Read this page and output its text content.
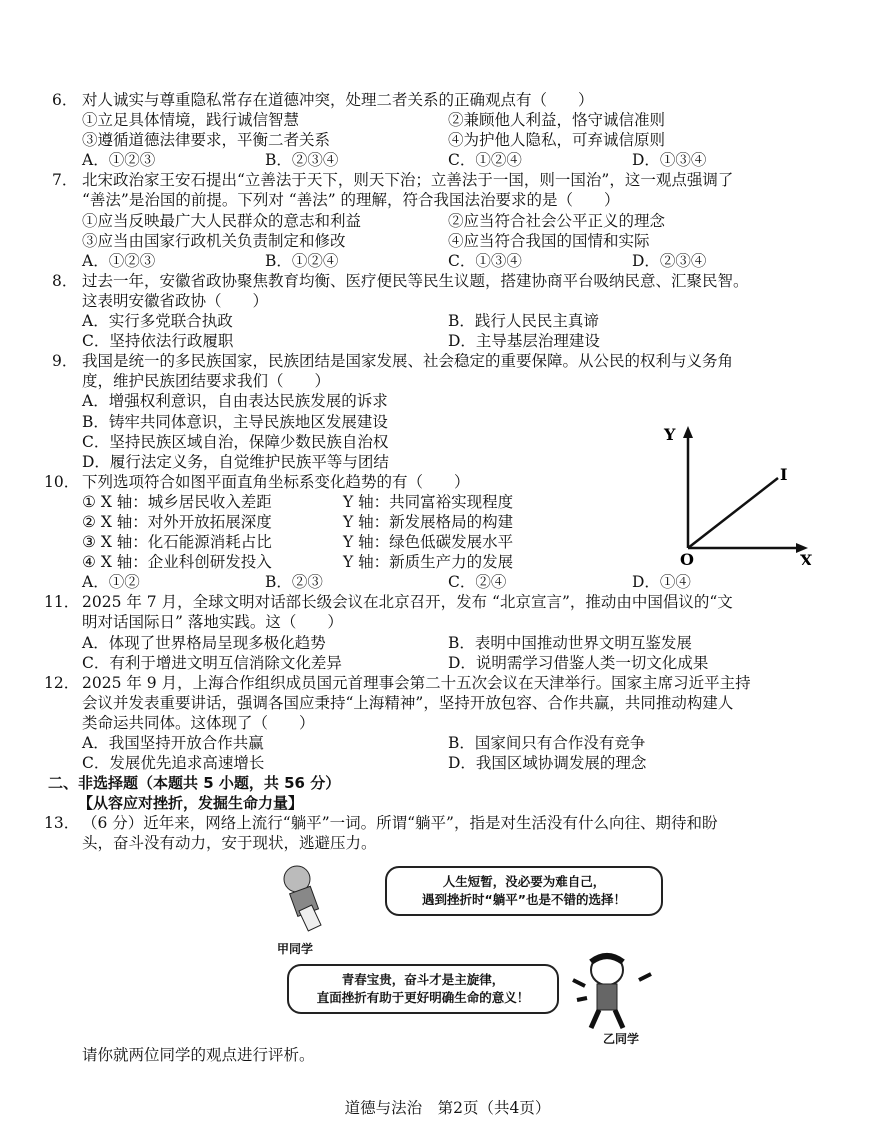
6． 对人诚实与尊重隐私常存在道德冲突，处理二者关系的正确观点有（　　）
①立足具体情境，践行诚信智慧	②兼顾他人利益，恪守诚信准则
③遵循道德法律要求，平衡二者关系	④为护他人隐私，可弃诚信原则
A．①②③	B．②③④	C．①②④	D．①③④
7． 北宋政治家王安石提出“立善法于天下，则天下治；立善法于一国，则一国治”，这一观点强调了
“善法”是治国的前提。下列对 “善法” 的理解，符合我国法治要求的是（　　）
①应当反映最广大人民群众的意志和利益	②应当符合社会公平正义的理念
③应当由国家行政机关负责制定和修改	④应当符合我国的国情和实际
A．①②③	B．①②④	C．①③④	D．②③④
8． 过去一年，安徽省政协聚焦教育均衡、医疗便民等民生议题，搭建协商平台吸纳民意、汇聚民智。
这表明安徽省政协（　　）
A．实行多党联合执政	B．践行人民民主真谛
C．坚持依法行政履职	D．主导基层治理建设
9． 我国是统一的多民族国家，民族团结是国家发展、社会稳定的重要保障。从公民的权利与义务角
度，维护民族团结要求我们（　　）
A．增强权利意识，自由表达民族发展的诉求
B．铸牢共同体意识，主导民族地区发展建设
C．坚持民族区域自治，保障少数民族自治权
D．履行法定义务，自觉维护民族平等与团结
10． 下列选项符合如图平面直角坐标系变化趋势的有（　　）
① X 轴：城乡居民收入差距	Y 轴：共同富裕实现程度
② X 轴：对外开放拓展深度	Y 轴：新发展格局的构建
③ X 轴：化石能源消耗占比	Y 轴：绿色低碳发展水平
④ X 轴：企业科创研发投入	Y 轴：新质生产力的发展
A．①②	B．②③	C．②④	D．①④
11． 2025 年 7 月，全球文明对话部长级会议在北京召开，发布 “北京宣言”，推动由中国倡议的“文
明对话国际日” 落地实践。这（　　）
A．体现了世界格局呈现多极化趋势	B．表明中国推动世界文明互鉴发展
C．有利于增进文明互信消除文化差异	D．说明需学习借鉴人类一切文化成果
12． 2025 年 9 月，上海合作组织成员国元首理事会第二十五次会议在天津举行。国家主席习近平主持
会议并发表重要讲话，强调各国应秉持“上海精神”，坚持开放包容、合作共赢，共同推动构建人
类命运共同体。这体现了（　　）
A．我国坚持开放合作共赢	B．国家间只有合作没有竞争
C．发展优先追求高速增长	D．我国区域协调发展的理念
二、非选择题（本题共 5 小题，共 56 分）
【从容应对挫折，发掘生命力量】
13． （6 分）近年来，网络上流行“躺平”一词。所谓“躺平”，指是对生活没有什么向往、期待和盼
头，奋斗没有动力，安于现状，逃避压力。
Y
X
O
I
甲同学
人生短暂，没必要为难自己，
遇到挫折时“躺平”也是不错的选择！
青春宝贵，奋斗才是主旋律，
直面挫折有助于更好明确生命的意义！
乙同学
请你就两位同学的观点进行评析。
道德与法治　第2页（共4页）
